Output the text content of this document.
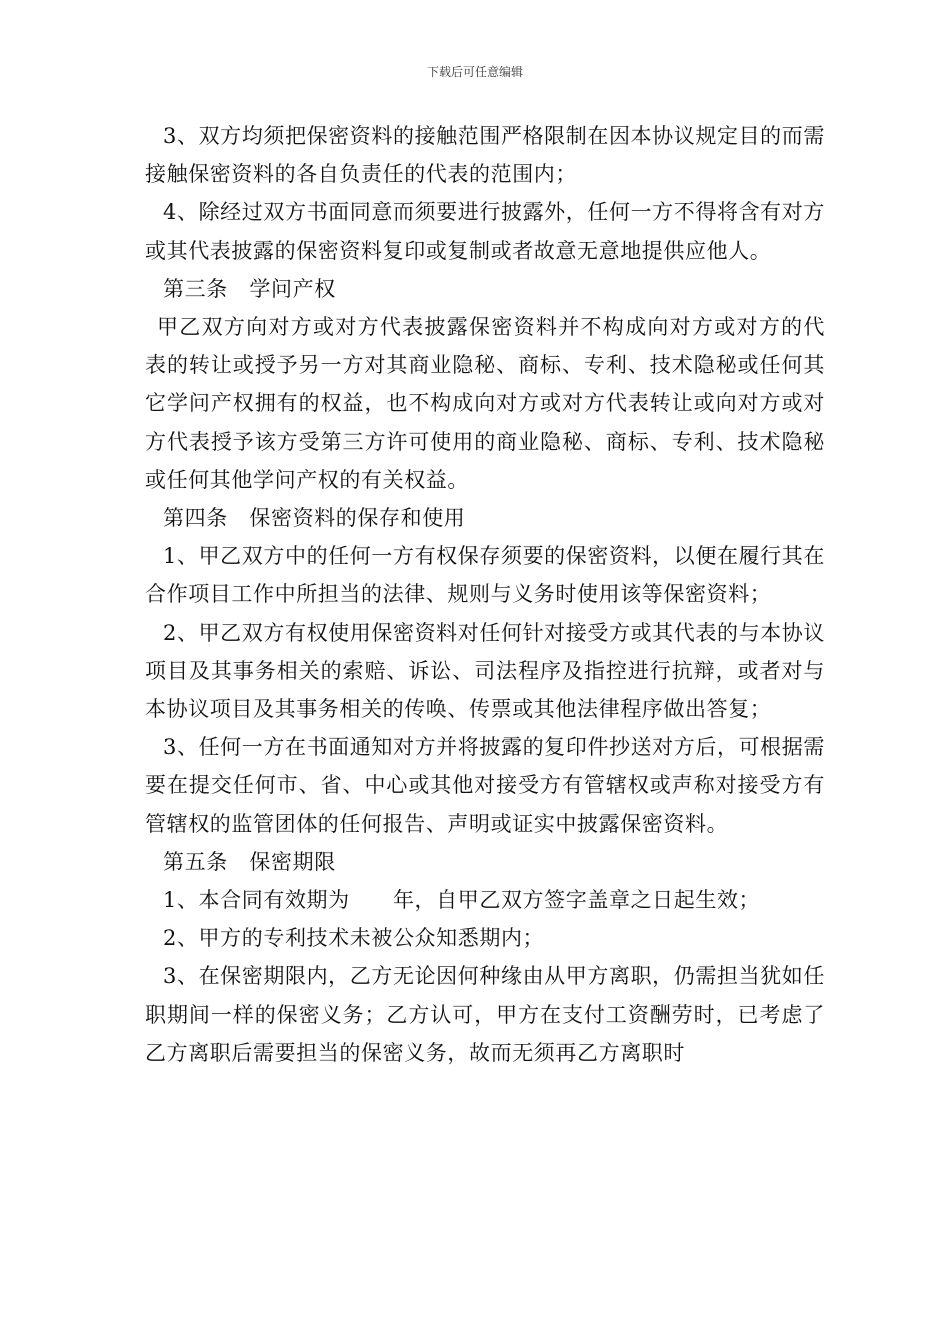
下载后可任意编辑

3、双方均须把保密资料的接触范围严格限制在因本协议规定目的而需接触保密资料的各自负责任的代表的范围内；

4、除经过双方书面同意而须要进行披露外，任何一方不得将含有对方或其代表披露的保密资料复印或复制或者故意无意地提供应他人。

第三条　学问产权

甲乙双方向对方或对方代表披露保密资料并不构成向对方或对方的代表的转让或授予另一方对其商业隐秘、商标、专利、技术隐秘或任何其它学问产权拥有的权益，也不构成向对方或对方代表转让或向对方或对方代表授予该方受第三方许可使用的商业隐秘、商标、专利、技术隐秘或任何其他学问产权的有关权益。

第四条　保密资料的保存和使用

1、甲乙双方中的任何一方有权保存须要的保密资料，以便在履行其在合作项目工作中所担当的法律、规则与义务时使用该等保密资料；

2、甲乙双方有权使用保密资料对任何针对接受方或其代表的与本协议项目及其事务相关的索赔、诉讼、司法程序及指控进行抗辩，或者对与本协议项目及其事务相关的传唤、传票或其他法律程序做出答复；

3、任何一方在书面通知对方并将披露的复印件抄送对方后，可根据需要在提交任何市、省、中心或其他对接受方有管辖权或声称对接受方有管辖权的监管团体的任何报告、声明或证实中披露保密资料。

第五条　保密期限

1、本合同有效期为　　年，自甲乙双方签字盖章之日起生效；

2、甲方的专利技术未被公众知悉期内；

3、在保密期限内，乙方无论因何种缘由从甲方离职，仍需担当犹如任职期间一样的保密义务；乙方认可，甲方在支付工资酬劳时，已考虑了乙方离职后需要担当的保密义务，故而无须再乙方离职时
